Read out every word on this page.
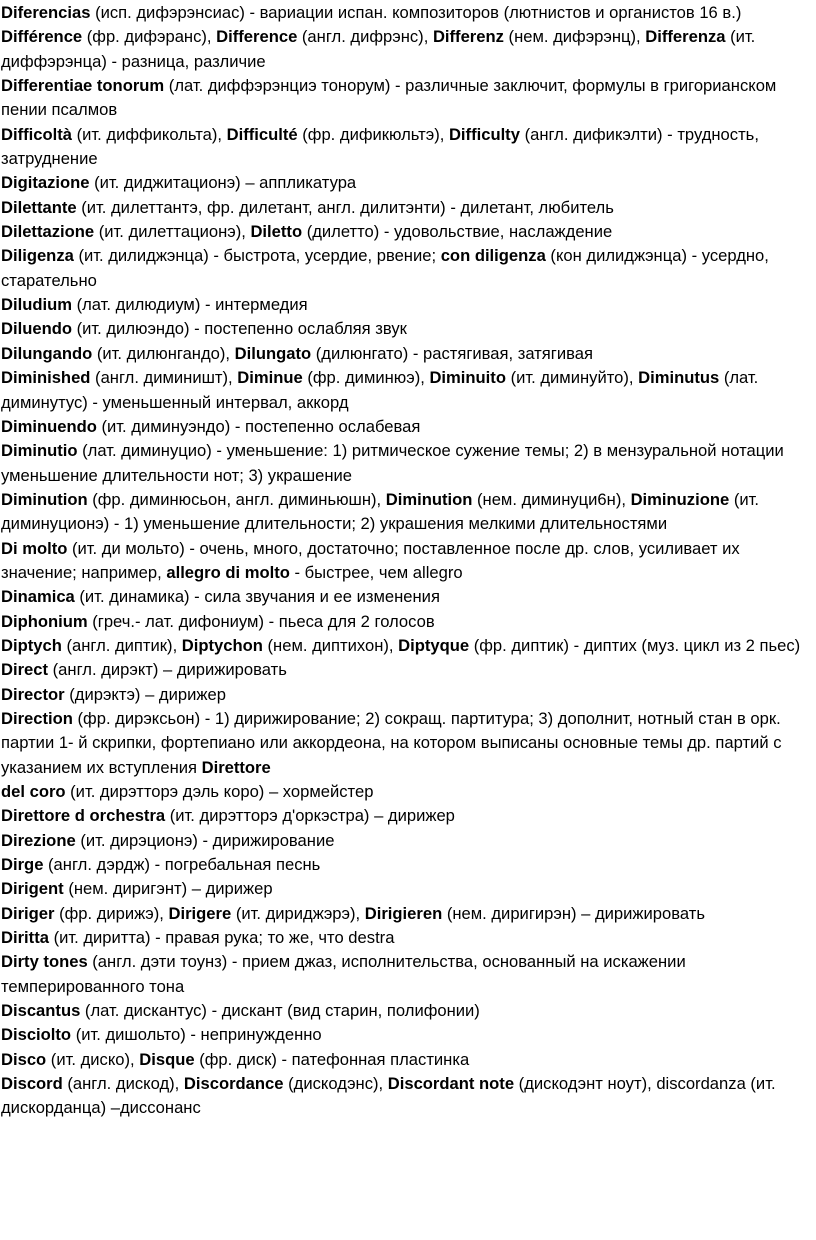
Diferencias (исп. дифэрэнсиас) - вариации испан. композиторов (лютнистов и органистов 16 в.)

Différence (фр. дифэранс), Difference (англ. дифрэнс), Differenz (нем. дифэрэнц), Differenza (ит. диффэрэнца) - разница, различие

Differentiae tonorum (лат. диффэрэнциэ тонорум) - различные заключит, формулы в григорианском пении псалмов

Difficoltà (ит. диффикольта), Difficulté (фр. дификюльтэ), Difficulty (англ. дификэлти) - трудность, затруднение

Digitazione (ит. диджитационэ) – аппликатура

Dilettante (ит. дилеттантэ, фр. дилетант, англ. дилитэнти) - дилетант, любитель

Dilettazione (ит. дилеттационэ), Diletto (дилетто) - удовольствие, наслаждение

Diligenza (ит. дилиджэнца) - быстрота, усердие, рвение; con diligenza (кон дилиджэнца) - усердно, старательно

Diludium (лат. дилюдиум) - интермедия

Diluendo (ит. дилюэндо) - постепенно ослабляя звук

Dilungando (ит. дилюнгандо), Dilungato (дилюнгато) - растягивая, затягивая

Diminished (англ. диминишт), Diminue (фр. диминюэ), Diminuito (ит. диминуйто), Diminutus (лат. диминутус) - уменьшенный интервал, аккорд

Diminuendo (ит. диминуэндо) - постепенно ослабевая

Diminutio (лат. диминуцио) - уменьшение: 1) ритмическое сужение темы; 2) в мензуральной нотации уменьшение длительности нот; 3) украшение

Diminution (фр. диминюсьон, англ. диминьюшн), Diminution (нем. диминуци6н), Diminuzione (ит. диминуционэ) - 1) уменьшение длительности; 2) украшения мелкими длительностями

Di molto (ит. ди мольто) - очень, много, достаточно; поставленное после др. слов, усиливает их значение; например, allegro di molto - быстрее, чем allegro

Dinamica (ит. динамика) - сила звучания и ее изменения

Diphonium (греч.- лат. дифониум) - пьеса для 2 голосов

Diptych (англ. диптик), Diptychon (нем. диптихон), Diptyque (фр. диптик) - диптих (муз. цикл из 2 пьес)

Direct (англ. дирэкт) – дирижировать

Director (дирэктэ) – дирижер

Direction (фр. дирэксьон) - 1) дирижирование; 2) сокращ. партитура; 3) дополнит, нотный стан в орк. партии 1- й скрипки, фортепиано или аккордеона, на котором выписаны основные темы др. партий с указанием их вступления Direttore

del coro (ит. дирэтторэ дэль коро) – хормейстер

Direttore d orchestra (ит. дирэтторэ д'оркэстра) – дирижер

Direzione (ит. дирэционэ) - дирижирование

Dirge (англ. дэрдж) - погребальная песнь

Dirigent (нем. диригэнт) – дирижер

Diriger (фр. дирижэ), Dirigere (ит. дириджэрэ), Dirigieren (нем. диригирэн) – дирижировать

Diritta (ит. диритта) - правая рука; то же, что destra

Dirty tones (англ. дэти тоунз) - прием джаз, исполнительства, основанный на искажении темперированного тона

Discantus (лат. дискантус) - дискант (вид старин, полифонии)

Disciolto (ит. дишольто) - непринужденно

Disco (ит. диско), Disque (фр. диск) - патефонная пластинка

Discord (англ. дискод), Discordance (дискодэнс), Discordant note (дискодэнт ноут), discordanza (ит. дискорданца) –диссонанс
